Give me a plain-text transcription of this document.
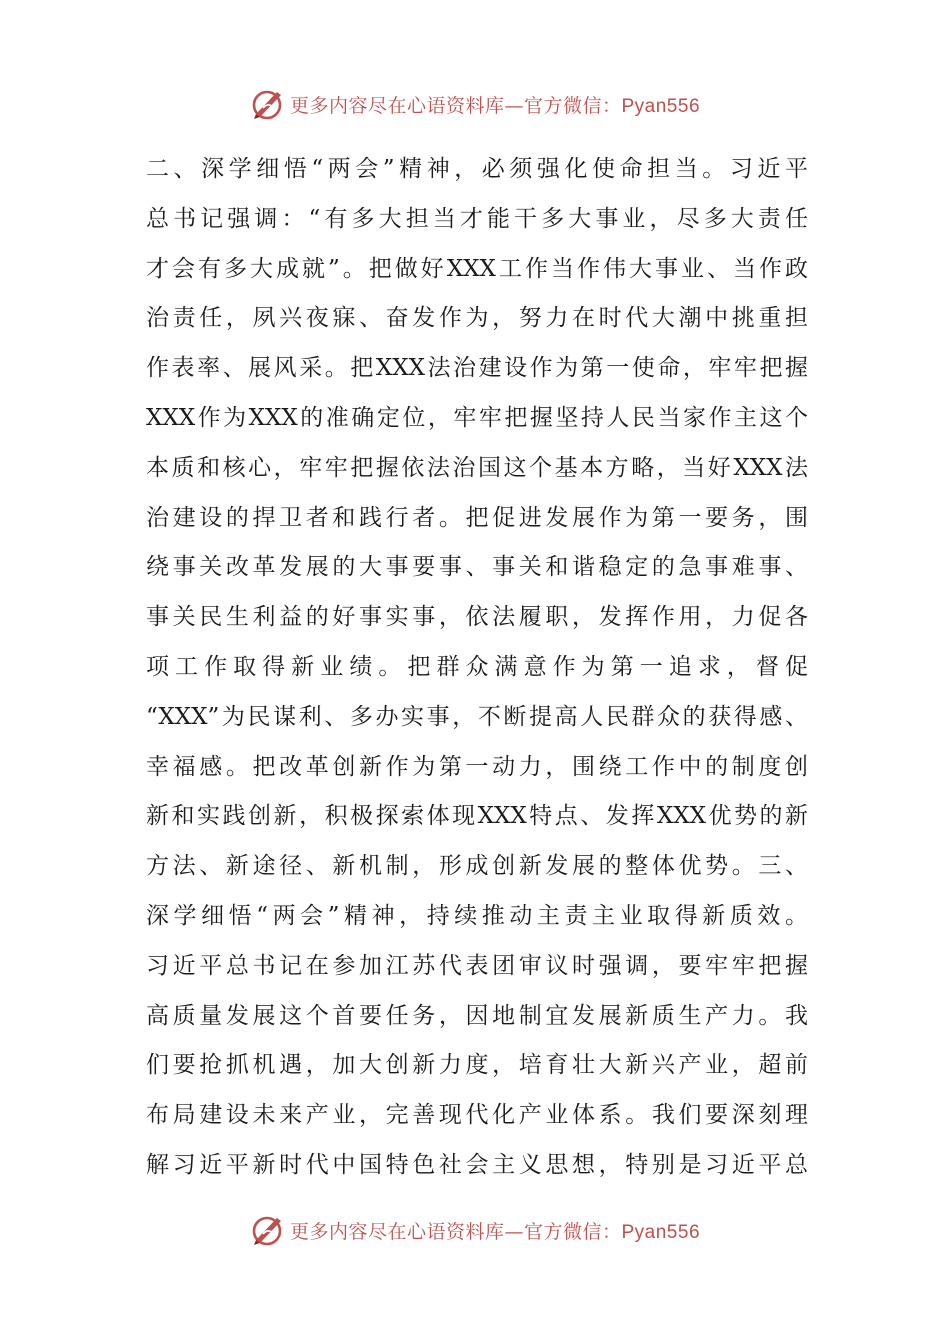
更多内容尽在心语资料库—官方微信：Pyan556
二、深学细悟“两会”精神，必须强化使命担当。习近平
总书记强调：“有多大担当才能干多大事业，尽多大责任
才会有多大成就”。把做好XXX工作当作伟大事业、当作政
治责任，夙兴夜寐、奋发作为，努力在时代大潮中挑重担
作表率、展风采。把XXX法治建设作为第一使命，牢牢把握
XXX作为XXX的准确定位，牢牢把握坚持人民当家作主这个
本质和核心，牢牢把握依法治国这个基本方略，当好XXX法
治建设的捍卫者和践行者。把促进发展作为第一要务，围
绕事关改革发展的大事要事、事关和谐稳定的急事难事、
事关民生利益的好事实事，依法履职，发挥作用，力促各
项工作取得新业绩。把群众满意作为第一追求，督促
“XXX”为民谋利、多办实事，不断提高人民群众的获得感、
幸福感。把改革创新作为第一动力，围绕工作中的制度创
新和实践创新，积极探索体现XXX特点、发挥XXX优势的新
方法、新途径、新机制，形成创新发展的整体优势。三、
深学细悟“两会”精神，持续推动主责主业取得新质效。
习近平总书记在参加江苏代表团审议时强调，要牢牢把握
高质量发展这个首要任务，因地制宜发展新质生产力。我
们要抢抓机遇，加大创新力度，培育壮大新兴产业，超前
布局建设未来产业，完善现代化产业体系。我们要深刻理
解习近平新时代中国特色社会主义思想，特别是习近平总
更多内容尽在心语资料库—官方微信：Pyan556
